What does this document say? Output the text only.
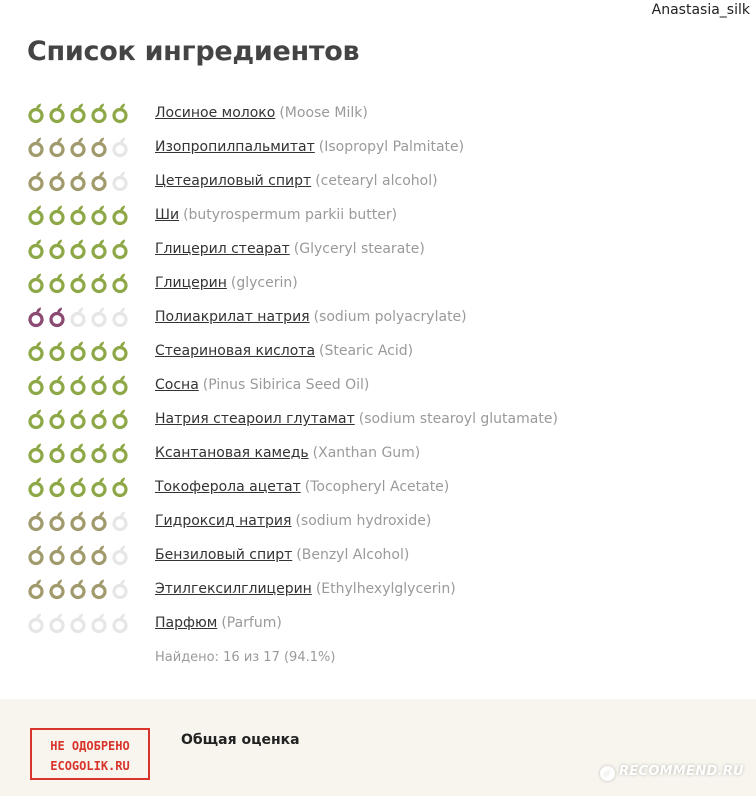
Anastasia_silk
Список ингредиентов
Лосиное молоко (Moose Milk)
Изопропилпальмитат (Isopropyl Palmitate)
Цетеариловый спирт (cetearyl alcohol)
Ши (butyrospermum parkii butter)
Глицерил стеарат (Glyceryl stearate)
Глицерин (glycerin)
Полиакрилат натрия (sodium polyacrylate)
Стеариновая кислота (Stearic Acid)
Сосна (Pinus Sibirica Seed Oil)
Натрия стеароил глутамат (sodium stearoyl glutamate)
Ксантановая камедь (Xanthan Gum)
Токоферола ацетат (Tocopheryl Acetate)
Гидроксид натрия (sodium hydroxide)
Бензиловый спирт (Benzyl Alcohol)
Этилгексилглицерин (Ethylhexylglycerin)
Парфюм (Parfum)
Найдено: 16 из 17 (94.1%)
НЕ ОДОБРЕНО
ECOGOLIK.RU
Общая оценка
✓ RECOMMEND.RU
